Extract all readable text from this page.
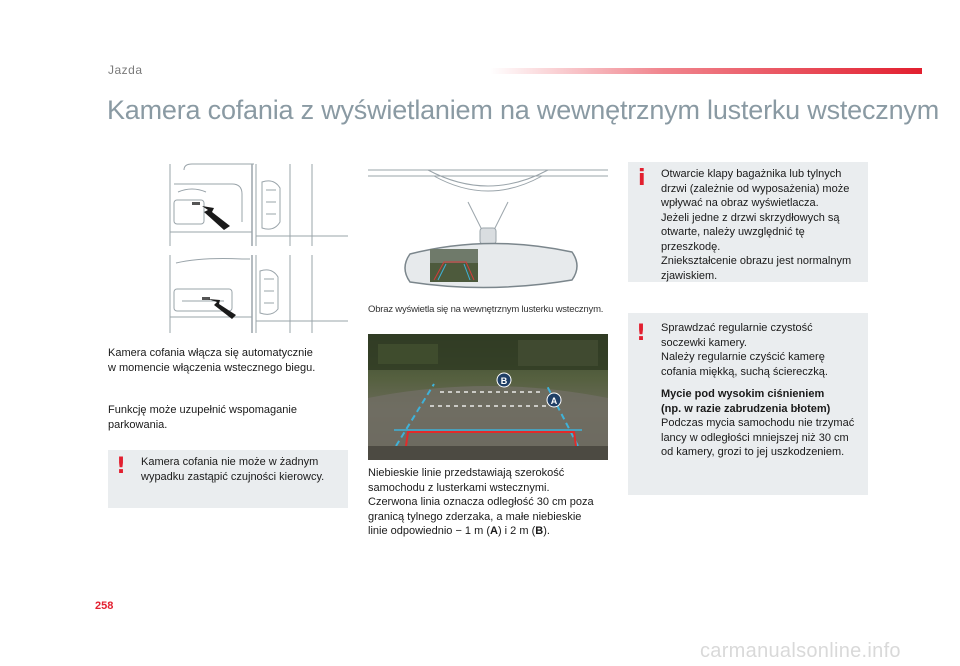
Jazda
Kamera cofania z wyświetlaniem na wewnętrznym lusterku wstecznym
Obraz wyświetla się na wewnętrznym lusterku wstecznym.
B
A
Kamera cofania włącza się automatycznie
w momencie włączenia wstecznego biegu.
Funkcję może uzupełnić wspomaganie
parkowania.
! Kamera cofania nie może w żadnym
wypadku zastąpić czujności kierowcy.	Niebieskie linie przedstawiają szerokość
samochodu z lusterkami wstecznymi.
Czerwona linia oznacza odległość 30 cm poza
granicą tylnego zderzaka, a małe niebieskie
linie odpowiednio − 1 m (A) i 2 m (B).
i Otwarcie klapy bagażnika lub tylnych
drzwi (zależnie od wyposażenia) może
wpływać na obraz wyświetlacza.
Jeżeli jedne z drzwi skrzydłowych są
otwarte, należy uwzględnić tę przeszkodę.
Zniekształcenie obrazu jest normalnym
zjawiskiem.
! Sprawdzać regularnie czystość
soczewki kamery.
Należy regularnie czyścić kamerę
cofania miękką, suchą ściereczką.

Mycie pod wysokim ciśnieniem
(np. w razie zabrudzenia błotem)
Podczas mycia samochodu nie trzymać
lancy w odległości mniejszej niż 30 cm
od kamery, grozi to jej uszkodzeniem.
258
carmanualsonline.info
